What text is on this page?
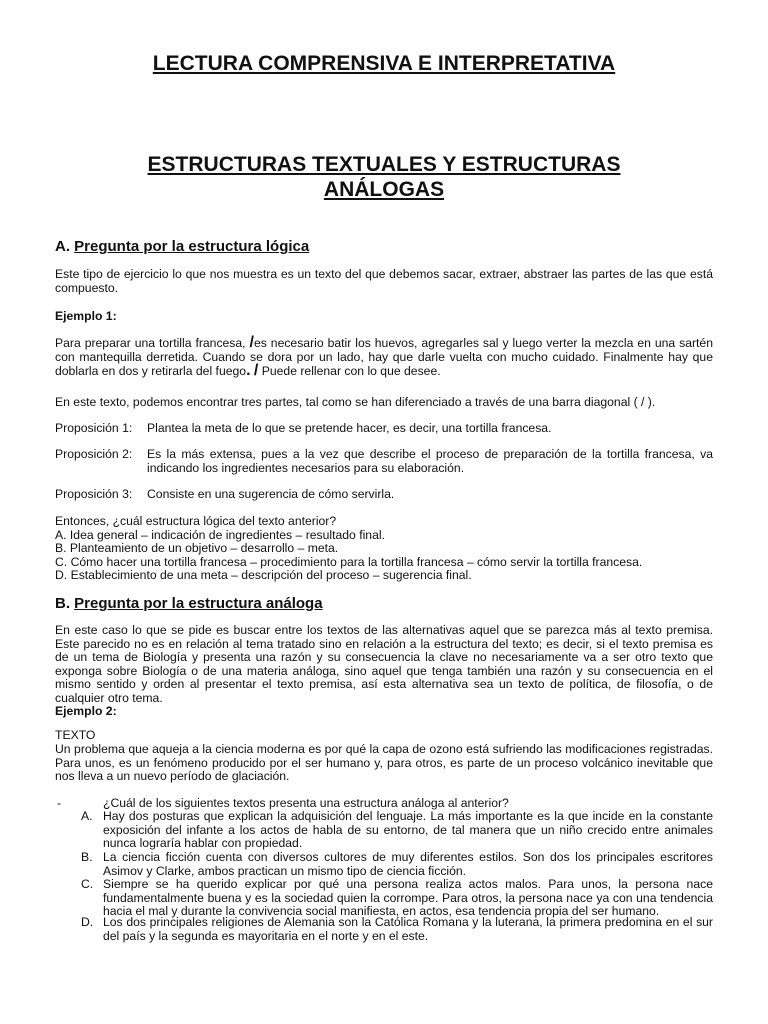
LECTURA COMPRENSIVA E INTERPRETATIVA
ESTRUCTURAS TEXTUALES Y ESTRUCTURAS
ANÁLOGAS
A. Pregunta por la estructura lógica
Este tipo de ejercicio lo que nos muestra es un texto del que debemos sacar, extraer, abstraer las partes de las que está compuesto.
Ejemplo 1:
Para preparar una tortilla francesa, /es necesario batir los huevos, agregarles sal y luego verter la mezcla en una sartén con mantequilla derretida. Cuando se dora por un lado, hay que darle vuelta con mucho cuidado. Finalmente hay que doblarla en dos y retirarla del fuego. / Puede rellenar con lo que desee.
En este texto, podemos encontrar tres partes, tal como se han diferenciado a través de una barra diagonal ( / ).
Proposición 1:	Plantea la meta de lo que se pretende hacer, es decir, una tortilla francesa.
Proposición 2:	Es la más extensa, pues a la vez que describe el proceso de preparación de la tortilla francesa, va indicando los ingredientes necesarios para su elaboración.
Proposición 3:	Consiste en una sugerencia de cómo servirla.
Entonces, ¿cuál estructura lógica del texto anterior?
A. Idea general – indicación de ingredientes – resultado final.
B. Planteamiento de un objetivo – desarrollo – meta.
C. Cómo hacer una tortilla francesa – procedimiento para la tortilla francesa – cómo servir la tortilla francesa.
D. Establecimiento de una meta – descripción del proceso – sugerencia final.
B. Pregunta por la estructura análoga
En este caso lo que se pide es buscar entre los textos de las alternativas aquel que se parezca más al texto premisa. Este parecido no es en relación al tema tratado sino en relación a la estructura del texto; es decir, si el texto premisa es de un tema de Biología y presenta una razón y su consecuencia la clave no necesariamente va a ser otro texto que exponga sobre Biología o de una materia análoga, sino aquel que tenga también una razón y su consecuencia en el mismo sentido y orden al presentar el texto premisa, así esta alternativa sea un texto de política, de filosofía, o de cualquier otro tema.
Ejemplo 2:
TEXTO
Un problema que aqueja a la ciencia moderna es por qué la capa de ozono está sufriendo las modificaciones registradas. Para unos, es un fenómeno producido por el ser humano y, para otros, es parte de un proceso volcánico inevitable que nos lleva a un nuevo período de glaciación.
-	¿Cuál de los siguientes textos presenta una estructura análoga al anterior?
A. Hay dos posturas que explican la adquisición del lenguaje. La más importante es la que incide en la constante exposición del infante a los actos de habla de su entorno, de tal manera que un niño crecido entre animales nunca lograría hablar con propiedad.
B. La ciencia ficción cuenta con diversos cultores de muy diferentes estilos. Son dos los principales escritores Asimov y Clarke, ambos practican un mismo tipo de ciencia ficción.
C. Siempre se ha querido explicar por qué una persona realiza actos malos. Para unos, la persona nace fundamentalmente buena y es la sociedad quien la corrompe. Para otros, la persona nace ya con una tendencia hacia el mal y durante la convivencia social manifiesta, en actos, esa tendencia propia del ser humano.
D. Los dos principales religiones de Alemania son la Católica Romana y la luterana, la primera predomina en el sur del país y la segunda es mayoritaria en el norte y en el este.
